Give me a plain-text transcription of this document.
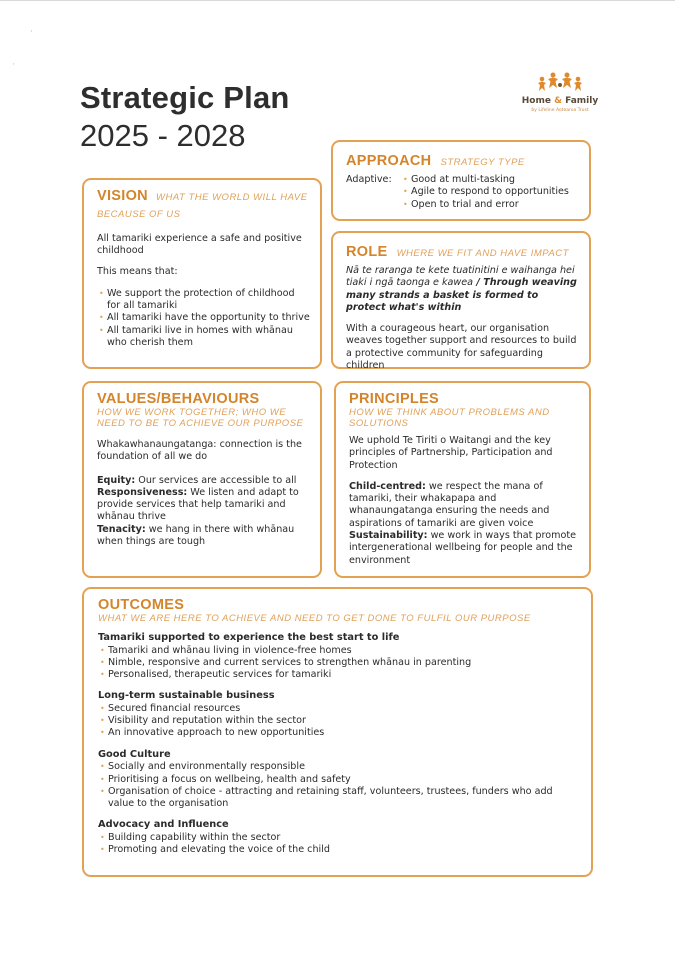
·
·
Strategic Plan
2025 - 2028
Home & Family
by Lifeline Aotearoa Trust
VISION WHAT THE WORLD WILL HAVE BECAUSE OF US

All tamariki experience a safe and positive childhood

This means that:

• We support the protection of childhood for all tamariki
• All tamariki have the opportunity to thrive
• All tamariki live in homes with whānau who cherish them
APPROACH STRATEGY TYPE
Adaptive:
•	Good at multi-tasking
• Agile to respond to opportunities
• Open to trial and error
ROLE WHERE WE FIT AND HAVE IMPACT

Nā te raranga te kete tuatinitini e waihanga hei tiaki i ngā taonga e kawea / Through weaving many strands a basket is formed to protect what's within

With a courageous heart, our organisation weaves together support and resources to build a protective community for safeguarding children

VALUES/BEHAVIOURS
HOW WE WORK TOGETHER; WHO WE NEED TO BE TO ACHIEVE OUR PURPOSE

Whakawhanaungatanga: connection is the foundation of all we do

Equity: Our services are accessible to all

Responsiveness: We listen and adapt to provide services that help tamariki and whānau thrive

Tenacity: we hang in there with whānau when things are tough

PRINCIPLES
HOW WE THINK ABOUT PROBLEMS AND SOLUTIONS

We uphold Te Tiriti o Waitangi and the key principles of Partnership, Participation and Protection

Child-centred: we respect the mana of tamariki, their whakapapa and whanaungatanga ensuring the needs and aspirations of tamariki are given voice

Sustainability: we work in ways that promote intergenerational wellbeing for people and the environment

OUTCOMES
WHAT WE ARE HERE TO ACHIEVE AND NEED TO GET DONE TO FULFIL OUR PURPOSE
Tamariki supported to experience the best start to life
• Tamariki and whānau living in violence-free homes
• Nimble, responsive and current services to strengthen whānau in parenting
• Personalised, therapeutic services for tamariki
Long-term sustainable business
• Secured financial resources
• Visibility and reputation within the sector
• An innovative approach to new opportunities
Good Culture
• Socially and environmentally responsible
• Prioritising a focus on wellbeing, health and safety
• Organisation of choice - attracting and retaining staff, volunteers, trustees, funders who add value to the organisation
Advocacy and Influence
• Building capability within the sector
• Promoting and elevating the voice of the child
